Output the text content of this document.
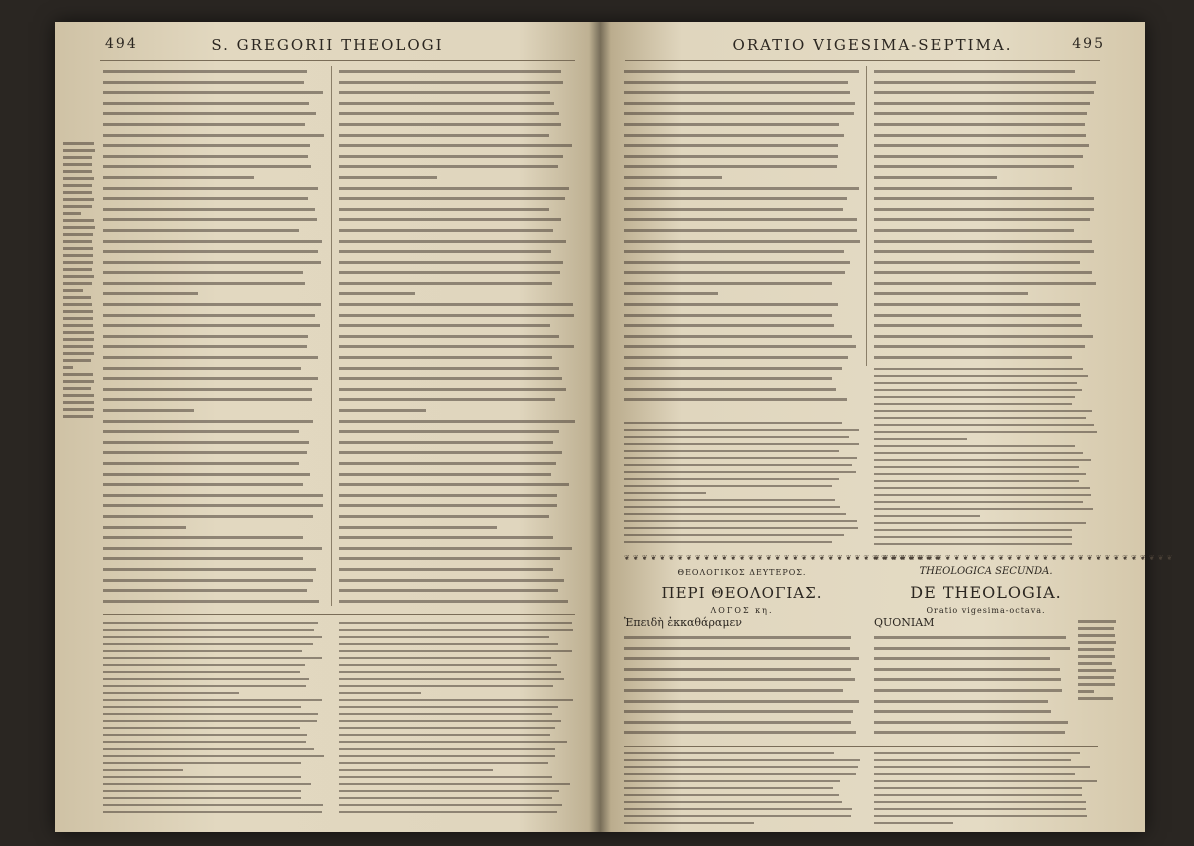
494	S. GREGORII THEOLOGI	ORATIO VIGESIMA-SEPTIMA.	495
❦❦❦❦❦❦❦❦❦❦❦❦❦❦❦❦❦❦❦❦❦❦❦❦❦❦❦❦❦❦❦❦❦❦❦❦
❦❦❦❦❦❦❦❦❦❦❦❦❦❦❦❦❦❦❦❦❦❦❦❦❦❦❦❦❦❦❦❦❦❦
ΘΕΟΛΟΓΙΚΟΣ ΔΕΥΤΕΡΟΣ.	THEOLOGICA SECUNDA.
ΠΕΡΙ ΘΕΟΛΟΓΙΑΣ.	DE THEOLOGIA.
ΛΟΓΟΣ κη.	Oratio vigesima-octava.
Ἐπειδὴ ἐκκαθάραμεν	QUONIAM
